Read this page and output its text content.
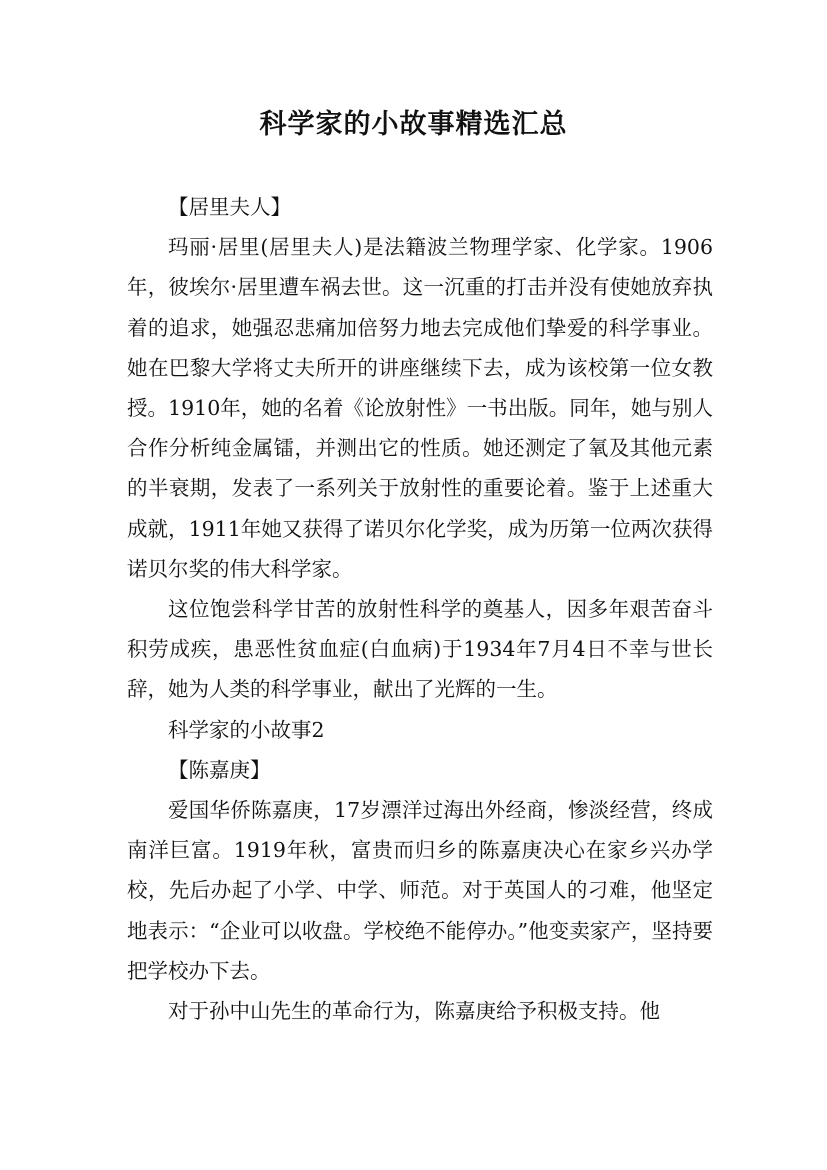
科学家的小故事精选汇总

【居里夫人】

玛丽·居里(居里夫人)是法籍波兰物理学家、化学家。1906年，彼埃尔·居里遭车祸去世。这一沉重的打击并没有使她放弃执着的追求，她强忍悲痛加倍努力地去完成他们挚爱的科学事业。她在巴黎大学将丈夫所开的讲座继续下去，成为该校第一位女教授。1910年，她的名着《论放射性》一书出版。同年，她与别人合作分析纯金属镭，并测出它的性质。她还测定了氧及其他元素的半衰期，发表了一系列关于放射性的重要论着。鉴于上述重大成就，1911年她又获得了诺贝尔化学奖，成为历第一位两次获得诺贝尔奖的伟大科学家。

这位饱尝科学甘苦的放射性科学的奠基人，因多年艰苦奋斗积劳成疾，患恶性贫血症(白血病)于1934年7月4日不幸与世长辞，她为人类的科学事业，献出了光辉的一生。

科学家的小故事2

【陈嘉庚】

爱国华侨陈嘉庚，17岁漂洋过海出外经商，惨淡经营，终成南洋巨富。1919年秋，富贵而归乡的陈嘉庚决心在家乡兴办学校，先后办起了小学、中学、师范。对于英国人的刁难，他坚定地表示：“企业可以收盘。学校绝不能停办。”他变卖家产，坚持要把学校办下去。

对于孙中山先生的革命行为，陈嘉庚给予积极支持。他
